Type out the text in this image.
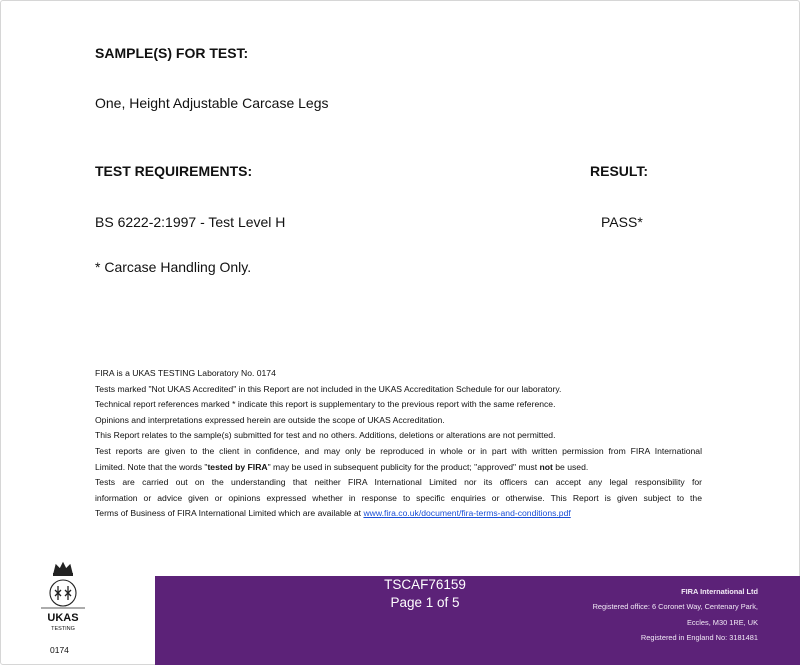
SAMPLE(S) FOR TEST:
One, Height Adjustable Carcase Legs
TEST REQUIREMENTS:	RESULT:
BS 6222-2:1997 - Test Level H	PASS*
* Carcase Handling Only.
FIRA is a UKAS TESTING Laboratory No. 0174
Tests marked "Not UKAS Accredited" in this Report are not included in the UKAS Accreditation Schedule for our laboratory.
Technical report references marked * indicate this report is supplementary to the previous report with the same reference.
Opinions and interpretations expressed herein are outside the scope of UKAS Accreditation.
This Report relates to the sample(s) submitted for test and no others. Additions, deletions or alterations are not permitted.
Test reports are given to the client in confidence, and may only be reproduced in whole or in part with written permission from FIRA International
Limited. Note that the words "tested by FIRA" may be used in subsequent publicity for the product; "approved" must not be used.
Tests are carried out on the understanding that neither FIRA International Limited nor its officers can accept any legal responsibility for
information or advice given or opinions expressed whether in response to specific enquiries or otherwise. This Report is given subject to the
Terms of Business of FIRA International Limited which are available at www.fira.co.uk/document/fira-terms-and-conditions.pdf
UKAS
TESTING
0174
TSCAF76159
Page 1 of 5
FIRA International Ltd
Registered office: 6 Coronet Way, Centenary Park,
Eccles, M30 1RE, UK
Registered in England No: 3181481
